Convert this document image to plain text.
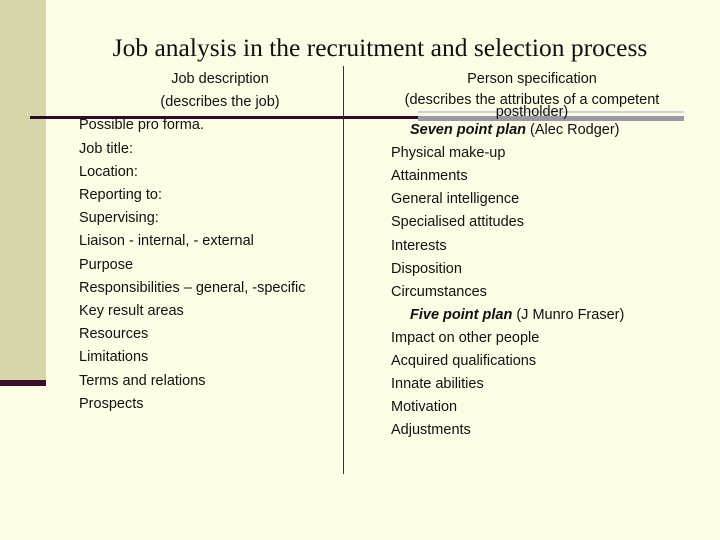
Job analysis in the recruitment and selection process
Job description
(describes the job)
Possible pro forma.
Job title:
Location:
Reporting to:
Supervising:
Liaison - internal, - external
Purpose
Responsibilities – general, -specific
Key result areas
Resources
Limitations
Terms and relations
Prospects
Person specification
(describes the attributes of a competent
postholder)
Seven point plan (Alec Rodger)
Physical make-up
Attainments
General intelligence
Specialised attitudes
Interests
Disposition
Circumstances
Five point plan (J Munro Fraser)
Impact on other people
Acquired qualifications
Innate abilities
Motivation
Adjustments
